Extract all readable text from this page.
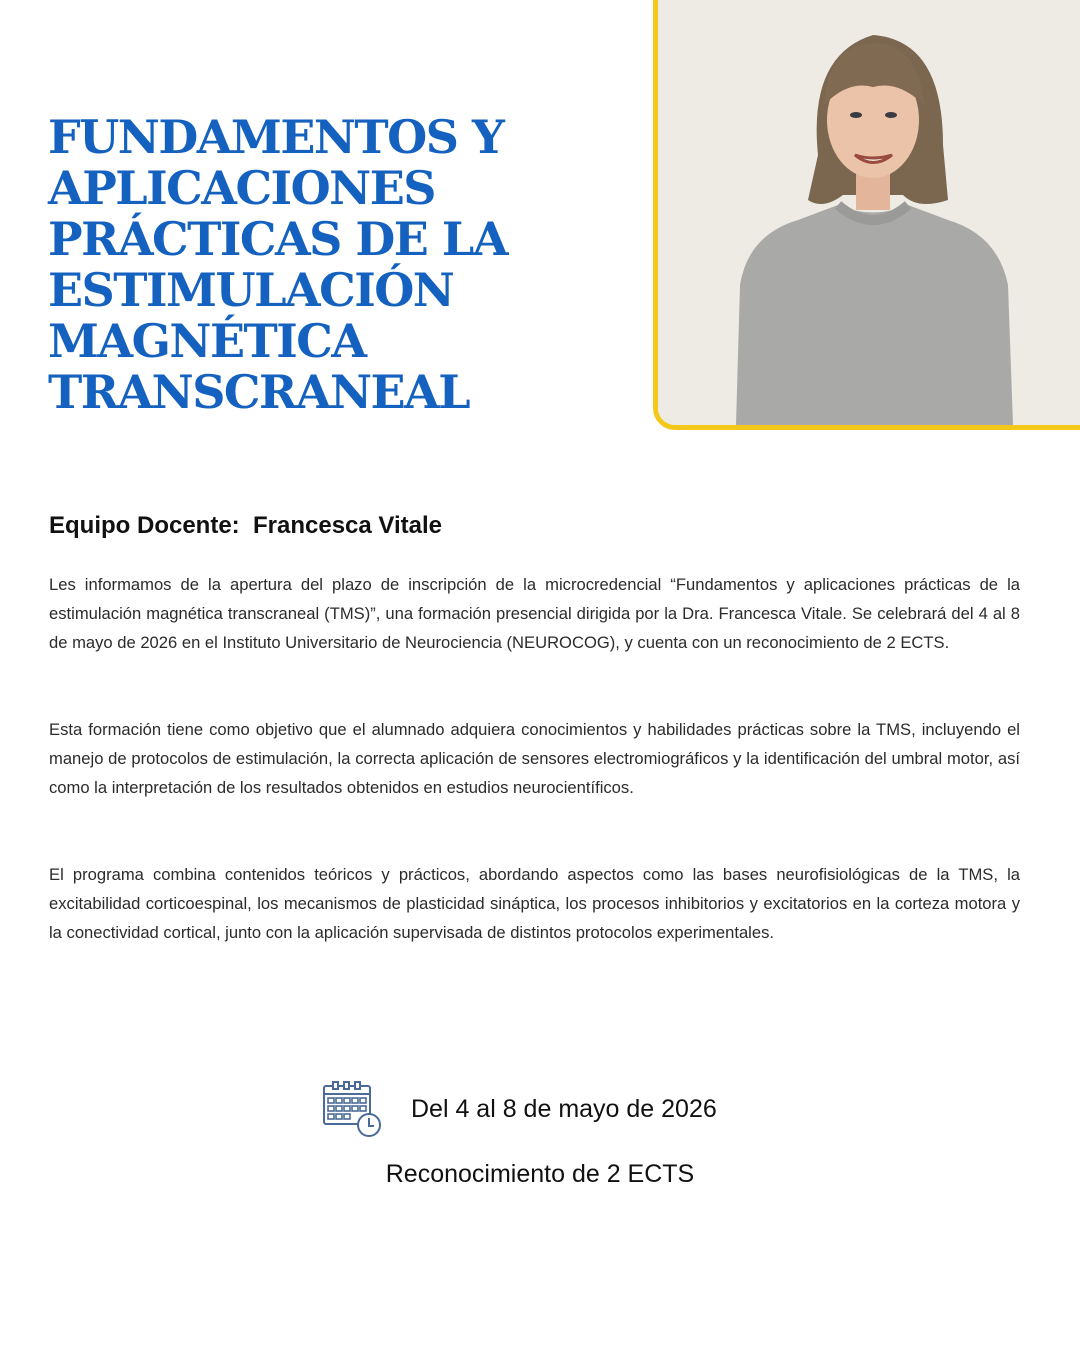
FUNDAMENTOS Y
APLICACIONES
PRÁCTICAS DE LA
ESTIMULACIÓN
MAGNÉTICA
TRANSCRANEAL
Equipo Docente:  Francesca Vitale

Les informamos de la apertura del plazo de inscripción de la microcredencial “Fundamentos y aplicaciones prácticas de la estimulación magnética transcraneal (TMS)”, una formación presencial dirigida por la Dra. Francesca Vitale. Se celebrará del 4 al 8 de mayo de 2026 en el Instituto Universitario de Neurociencia (NEUROCOG), y cuenta con un reconocimiento de 2 ECTS.

Esta formación tiene como objetivo que el alumnado adquiera conocimientos y habilidades prácticas sobre la TMS, incluyendo el manejo de protocolos de estimulación, la correcta aplicación de sensores electromiográficos y la identificación del umbral motor, así como la interpretación de los resultados obtenidos en estudios neurocientíficos.

El programa combina contenidos teóricos y prácticos, abordando aspectos como las bases neurofisiológicas de la TMS, la excitabilidad corticoespinal, los mecanismos de plasticidad sináptica, los procesos inhibitorios y excitatorios en la corteza motora y la conectividad cortical, junto con la aplicación supervisada de distintos protocolos experimentales.

Del 4 al 8 de mayo de 2026
Reconocimiento de 2 ECTS
